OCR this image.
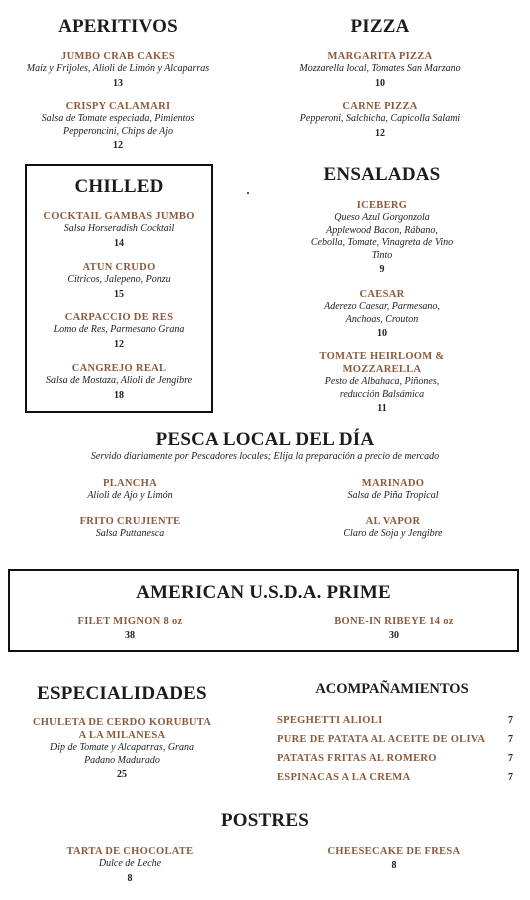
APERITIVOS
JUMBO CRAB CAKES
Maíz y Frijoles, Alioli de Limón y Alcaparras
13
CRISPY CALAMARI
Salsa de Tomate especiada, Pimientos
Pepperoncini, Chips de Ajo
12
PIZZA
MARGARITA PIZZA
Mozzarella local, Tomates San Marzano
10
CARNE PIZZA
Pepperoni, Salchicha, Capicolla Salami
12
CHILLED
COCKTAIL GAMBAS JUMBO
Salsa Horseradish Cocktail
14
ATUN CRUDO
Citricos, Jalepeno, Ponzu
15
CARPACCIO DE RES
Lomo de Res, Parmesano Grana
12
CANGREJO REAL
Salsa de Mostaza, Alioli de Jengibre
18
ENSALADAS
ICEBERG
Queso Azul Gorgonzola
Applewood Bacon, Rábano,
Cebolla, Tomate, Vinagreta de Vino
Tinto
9
CAESAR
Aderezo Caesar, Parmesano,
Anchoas, Crouton
10
TOMATE HEIRLOOM &
MOZZARELLA
Pesto de Albahaca, Piñones,
reducción Balsámica
11
PESCA LOCAL DEL DÍA
Servido diariamente por Pescadores locales; Elija la preparación a precio de mercado
PLANCHA
Alioli de Ajo y Limón
MARINADO
Salsa de Piña Tropical
FRITO CRUJIENTE
Salsa Puttanesca
AL VAPOR
Claro de Soja y Jengibre
AMERICAN U.S.D.A. PRIME
FILET MIGNON 8 oz
38
BONE-IN RIBEYE 14 oz
30
ESPECIALIDADES
CHULETA DE CERDO KORUBUTA
A LA MILANESA
Dip de Tomate y Alcaparras, Grana
Padano Madurado
25
ACOMPAÑAMIENTOS
SPEGHETTI ALIOLI	7
PURE DE PATATA AL ACEITE DE OLIVA 7
PATATAS FRITAS AL ROMERO	7
ESPINACAS A LA CREMA	7
POSTRES
TARTA DE CHOCOLATE
Dulce de Leche
8
CHEESECAKE DE FRESA
8
